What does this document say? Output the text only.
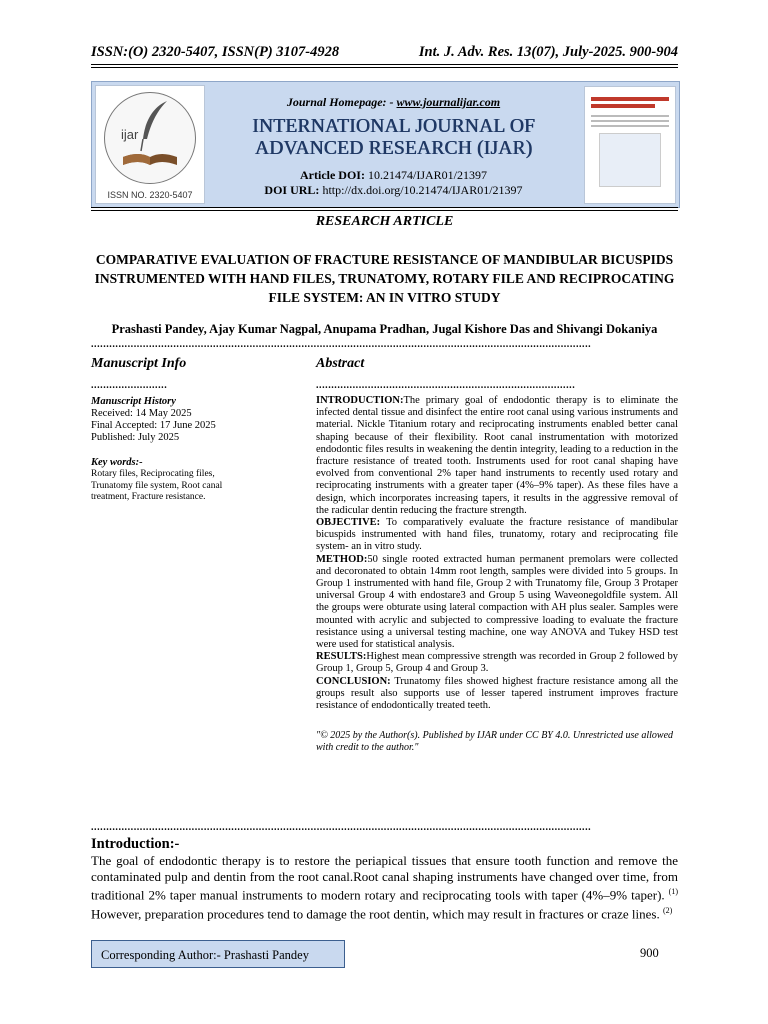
ISSN:(O) 2320-5407, ISSN(P) 3107-4928	Int. J. Adv. Res. 13(07), July-2025. 900-904
ijar
ISSN NO. 2320-5407
Journal Homepage: - www.journalijar.com
INTERNATIONAL JOURNAL OF
ADVANCED RESEARCH (IJAR)
Article DOI: 10.21474/IJAR01/21397
DOI URL: http://dx.doi.org/10.21474/IJAR01/21397
RESEARCH ARTICLE
COMPARATIVE EVALUATION OF FRACTURE RESISTANCE OF MANDIBULAR BICUSPIDS INSTRUMENTED WITH HAND FILES, TRUNATOMY, ROTARY FILE AND RECIPROCATING FILE SYSTEM: AN IN VITRO STUDY
Prashasti Pandey, Ajay Kumar Nagpal, Anupama Pradhan, Jugal Kishore Das and Shivangi Dokaniya
....................................................................................................................................................................
Manuscript Info
.........................
Manuscript History
Received: 14 May 2025
Final Accepted: 17 June 2025
Published: July 2025
Key words:-
Rotary files, Reciprocating files, Trunatomy file system, Root canal treatment, Fracture resistance.
Abstract
.....................................................................................

INTRODUCTION:The primary goal of endodontic therapy is to eliminate the infected dental tissue and disinfect the entire root canal using various instruments and material. Nickle Titanium rotary and reciprocating instruments enabled better canal shaping because of their flexibility. Root canal instrumentation with motorized endodontic files results in weakening the dentin integrity, leading to a reduction in the fracture resistance of treated tooth. Instruments used for root canal shaping have evolved from conventional 2% taper hand instruments to recently used rotary and reciprocating instruments with a greater taper (4%–9% taper). As these files have a design, which incorporates increasing tapers, it results in the aggressive removal of the radicular dentin reducing the fracture strength.

OBJECTIVE: To comparatively evaluate the fracture resistance of mandibular bicuspids instrumented with hand files, trunatomy, rotary and reciprocating file system- an in vitro study.

METHOD:50 single rooted extracted human permanent premolars were collected and decoronated to obtain 14mm root length, samples were divided into 5 groups. In Group 1 instrumented with hand file, Group 2 with Trunatomy file, Group 3 Protaper universal Group 4 with endostare3 and Group 5 using Waveonegoldfile system. All the groups were obturate using lateral compaction with AH plus sealer. Samples were mounted with acrylic and subjected to compressive loading to evaluate the fracture resistance using a universal testing machine, one way ANOVA and Tukey HSD test were used for statistical analysis.

RESULTS:Highest mean compressive strength was recorded in Group 2 followed by Group 1, Group 5, Group 4 and Group 3.

CONCLUSION: Trunatomy files showed highest fracture resistance among all the groups result also supports use of lesser tapered instrument improves fracture resistance of endodontically treated teeth.

"© 2025 by the Author(s). Published by IJAR under CC BY 4.0. Unrestricted use allowed with credit to the author."
....................................................................................................................................................................
Introduction:-
The goal of endodontic therapy is to restore the periapical tissues that ensure tooth function and remove the contaminated pulp and dentin from the root canal.Root canal shaping instruments have changed over time, from traditional 2% taper manual instruments to modern rotary and reciprocating tools with taper (4%–9% taper). $^{(1)}$ However, preparation procedures tend to damage the root dentin, which may result in fractures or craze lines. $^{(2)}$
Corresponding Author:- Prashasti Pandey	900
